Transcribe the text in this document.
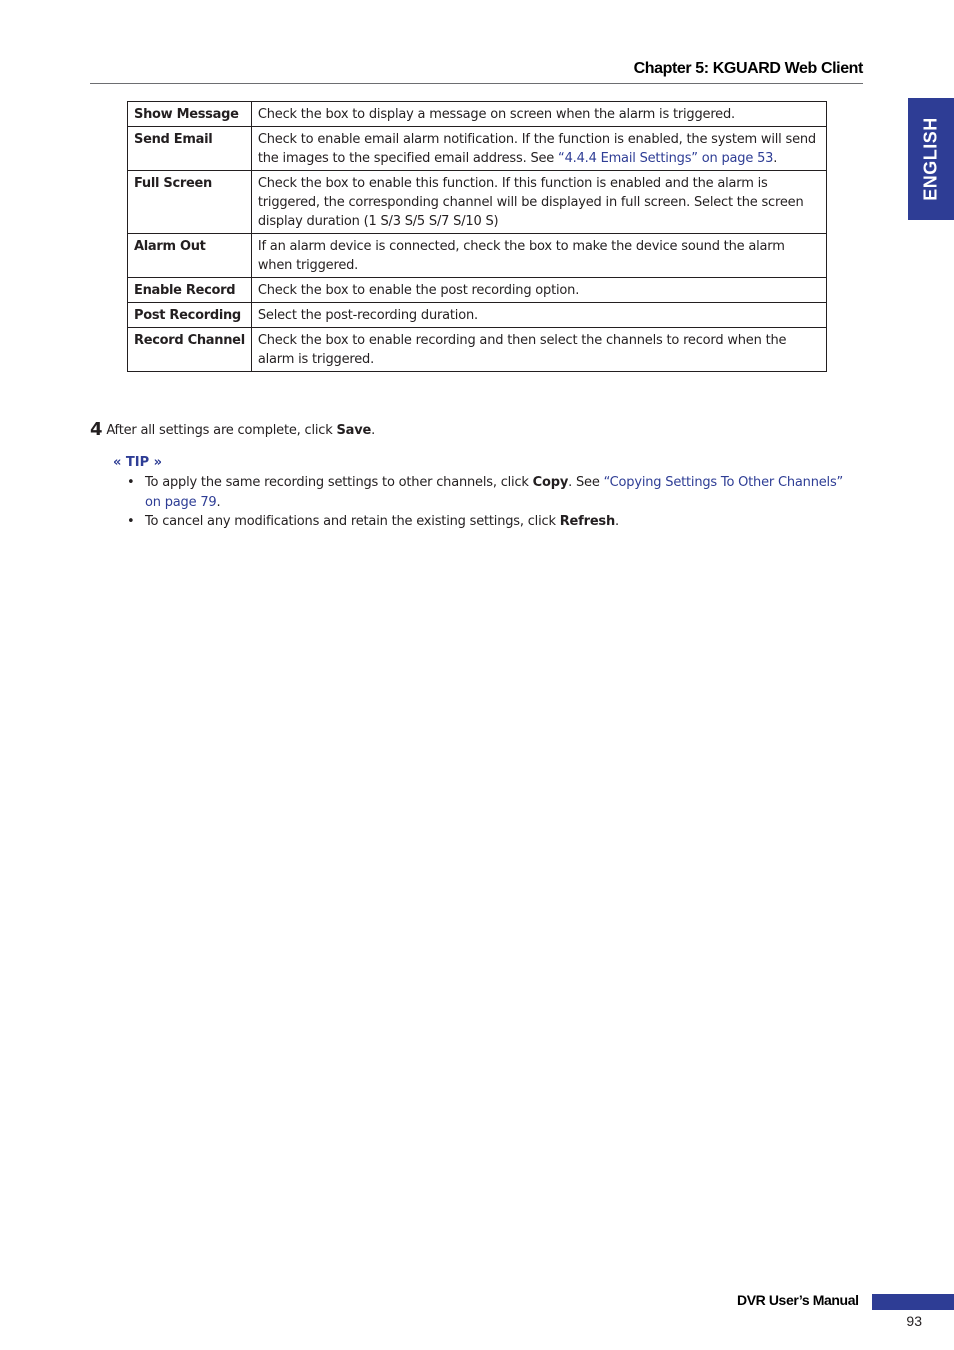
Chapter 5: KGUARD Web Client
ENGLISH
Show Message	Check the box to display a message on screen when the alarm is triggered.
Send Email	Check to enable email alarm notification. If the function is enabled, the system will send the images to the specified email address. See “4.4.4 Email Settings” on page 53.
Full Screen	Check the box to enable this function. If this function is enabled and the alarm is triggered, the corresponding channel will be displayed in full screen. Select the screen display duration (1 S/3 S/5 S/7 S/10 S)
Alarm Out	If an alarm device is connected, check the box to make the device sound the alarm when triggered.
Enable Record	Check the box to enable the post recording option.
Post Recording	Select the post-recording duration.
Record Channel	Check the box to enable recording and then select the channels to record when the alarm is triggered.
4 After all settings are complete, click Save.
« TIP »
• To apply the same recording settings to other channels, click Copy. See “Copying Settings To Other Channels” on page 79.
• To cancel any modifications and retain the existing settings, click Refresh.
DVR User’s Manual
93
